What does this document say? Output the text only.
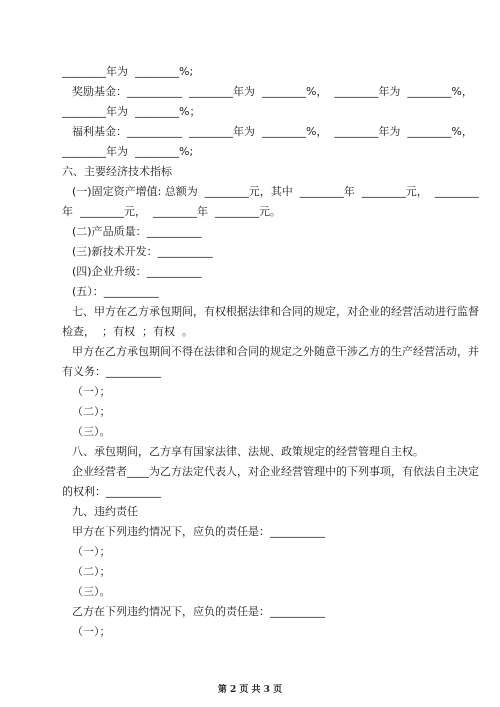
________年为  ________%;
奖励基金：__________  ________年为  ________%，  ________年为  ________%，
________年为  ________%；
福利基金：__________  ________年为  ________%，  ________年为  ________%，
________年为  ________%;
六、主要经济技术指标
(一)固定资产增值: 总额为  ________元，其中  ________年  ________元，  ________
年  ________元，  ________年  ________元。
(二)产品质量：__________
(三)新技术开发：__________
(四)企业升级：__________
(五）：__________
七、甲方在乙方承包期间，有权根据法律和合同的规定，对企业的经营活动进行监督
检查，  ；有权  ；有权  。
甲方在乙方承包期间不得在法律和合同的规定之外随意干涉乙方的生产经营活动，并
有义务：__________
（一）；
（二）；
（三）。
八、承包期间，乙方享有国家法律、法规、政策规定的经营管理自主权。
企业经营者____为乙方法定代表人，对企业经营管理中的下列事项，有依法自主决定
的权利：__________
九、违约责任
甲方在下列违约情况下，应负的责任是：__________
（一）；
（二）；
（三）。
乙方在下列违约情况下，应负的责任是：__________
（一）；
第 2 页 共 3 页
